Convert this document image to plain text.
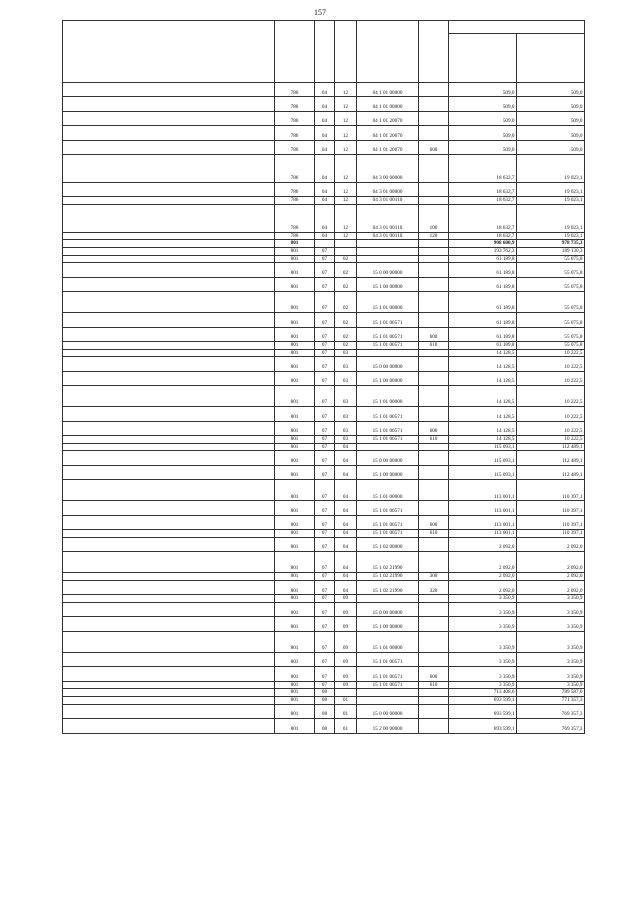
157

	786	04	12	04 1 01 00000		509,0	509,0
	786	04	12	04 1 01 00000		509,0	509,0
	786	04	12	04 1 01 20070		509,0	509,0
	786	04	12	04 1 01 20070		509,0	509,0
	786	04	12	04 1 01 20070	600	509,0	509,0
	786	04	12	04 3 00 00000		18 632,7	19 023,1
	786	04	12	04 3 01 00000		18 632,7	19 023,1
	786	04	12	04 3 01 00110		18 632,7	19 023,1
	786	04	12	04 3 01 00110	100	18 632,7	19 023,1
	786	04	12	04 3 01 00110	120	18 632,7	19 023,1
	801					908 600,9	978 735,3
	801	07				193 762,3	189 130,3
	801	07	02			61 189,8	55 075,8
	801	07	02	15 0 00 00000		61 189,8	55 075,8
	801	07	02	15 1 00 00000		61 189,8	55 075,8
	801	07	02	15 1 01 00000		61 189,8	55 075,8
	801	07	02	15 1 01 00571		61 189,8	55 075,8
	801	07	02	15 1 01 00571	600	61 189,8	55 075,8
	801	07	02	15 1 01 00571	610	61 189,8	55 075,8
	801	07	03			14 128,5	10 222,5
	801	07	03	15 0 00 00000		14 128,5	10 222,5
	801	07	03	15 1 00 00000		14 128,5	10 222,5
	801	07	03	15 1 01 00000		14 128,5	10 222,5
	801	07	03	15 1 01 00571		14 128,5	10 222,5
	801	07	03	15 1 01 00571	600	14 128,5	10 222,5
	801	07	03	15 1 01 00571	610	14 128,5	10 222,5
	801	07	04			115 093,1	112 489,1
	801	07	04	15 0 00 00000		115 093,1	112 489,1
	801	07	04	15 1 00 00000		115 093,1	112 489,1
	801	07	04	15 1 01 00000		113 001,1	110 397,1
	801	07	04	15 1 01 00571		113 001,1	110 397,1
	801	07	04	15 1 01 00571	600	113 001,1	110 397,1
	801	07	04	15 1 01 00571	610	113 001,1	110 397,1
	801	07	04	15 1 02 00000		2 092,0	2 092,0
	801	07	04	15 1 02 21990		2 092,0	2 092,0
	801	07	04	15 1 02 21990	300	2 092,0	2 092,0
	801	07	04	15 1 02 21990	320	2 092,0	2 092,0
	801	07	09			3 350,9	3 350,9
	801	07	09	15 0 00 00000		3 350,9	3 350,9
	801	07	09	15 1 00 00000		3 350,9	3 350,9
	801	07	09	15 1 01 00000		3 350,9	3 350,9
	801	07	09	15 1 01 00571		3 350,9	3 350,9
	801	07	09	15 1 01 00571	600	3 350,9	3 350,9
	801	07	09	15 1 01 00571	610	3 350,9	3 350,9
	801	08				713 408,6	789 587,0
	801	08	01			693 599,1	771 357,3
	801	08	01	15 0 00 00000		693 599,1	769 357,3
	801	08	01	15 2 00 00000		693 599,1	769 357,3
